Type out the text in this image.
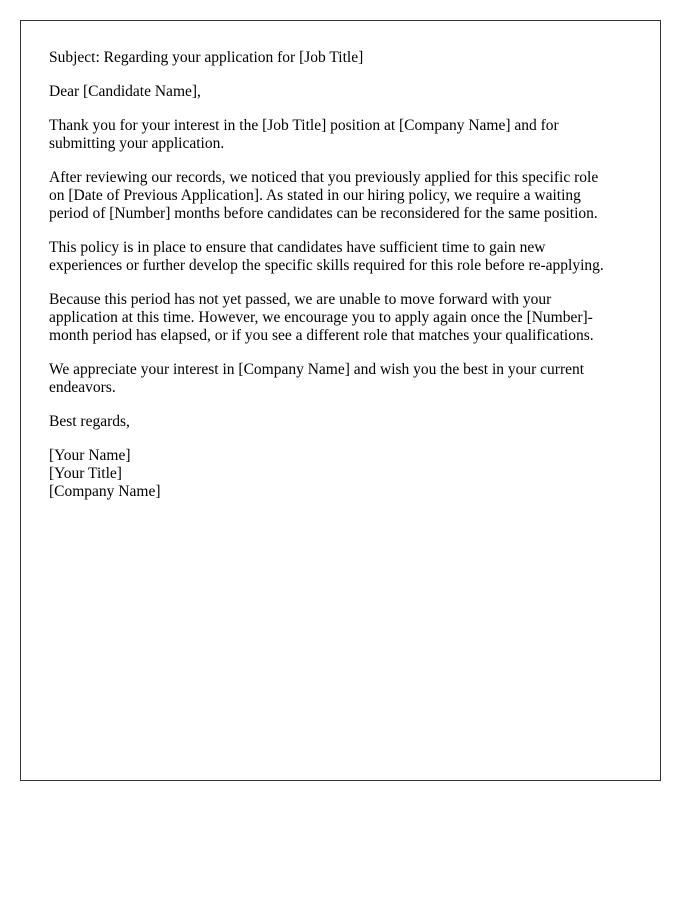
Subject: Regarding your application for [Job Title]

Dear [Candidate Name],

Thank you for your interest in the [Job Title] position at [Company Name] and for
submitting your application.

After reviewing our records, we noticed that you previously applied for this specific role
on [Date of Previous Application]. As stated in our hiring policy, we require a waiting
period of [Number] months before candidates can be reconsidered for the same position.

This policy is in place to ensure that candidates have sufficient time to gain new
experiences or further develop the specific skills required for this role before re-applying.

Because this period has not yet passed, we are unable to move forward with your
application at this time. However, we encourage you to apply again once the [Number]-
month period has elapsed, or if you see a different role that matches your qualifications.

We appreciate your interest in [Company Name] and wish you the best in your current
endeavors.

Best regards,

[Your Name]
[Your Title]
[Company Name]
